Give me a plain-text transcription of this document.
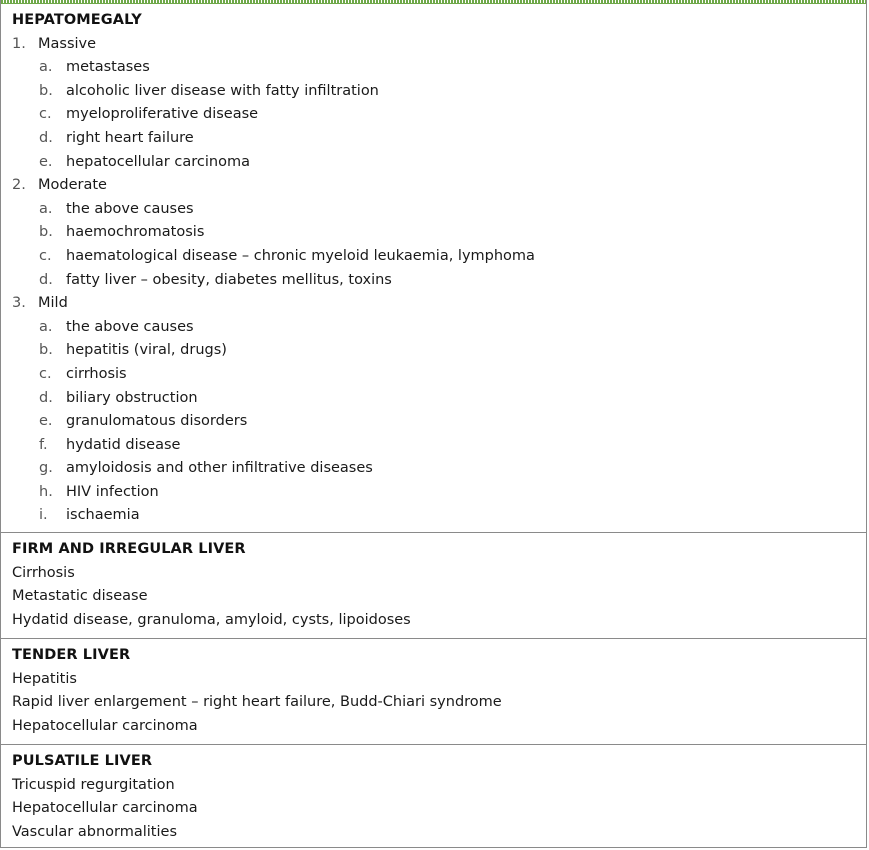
HEPATOMEGALY
1. Massive
a. metastases
b. alcoholic liver disease with fatty infiltration
c. myeloproliferative disease
d. right heart failure
e. hepatocellular carcinoma
2. Moderate
a. the above causes
b. haemochromatosis
c. haematological disease – chronic myeloid leukaemia, lymphoma
d. fatty liver – obesity, diabetes mellitus, toxins
3. Mild
a. the above causes
b. hepatitis (viral, drugs)
c. cirrhosis
d. biliary obstruction
e. granulomatous disorders
f. hydatid disease
g. amyloidosis and other infiltrative diseases
h. HIV infection
i. ischaemia
FIRM AND IRREGULAR LIVER
Cirrhosis
Metastatic disease
Hydatid disease, granuloma, amyloid, cysts, lipoidoses
TENDER LIVER
Hepatitis
Rapid liver enlargement – right heart failure, Budd-Chiari syndrome
Hepatocellular carcinoma
PULSATILE LIVER
Tricuspid regurgitation
Hepatocellular carcinoma
Vascular abnormalities
